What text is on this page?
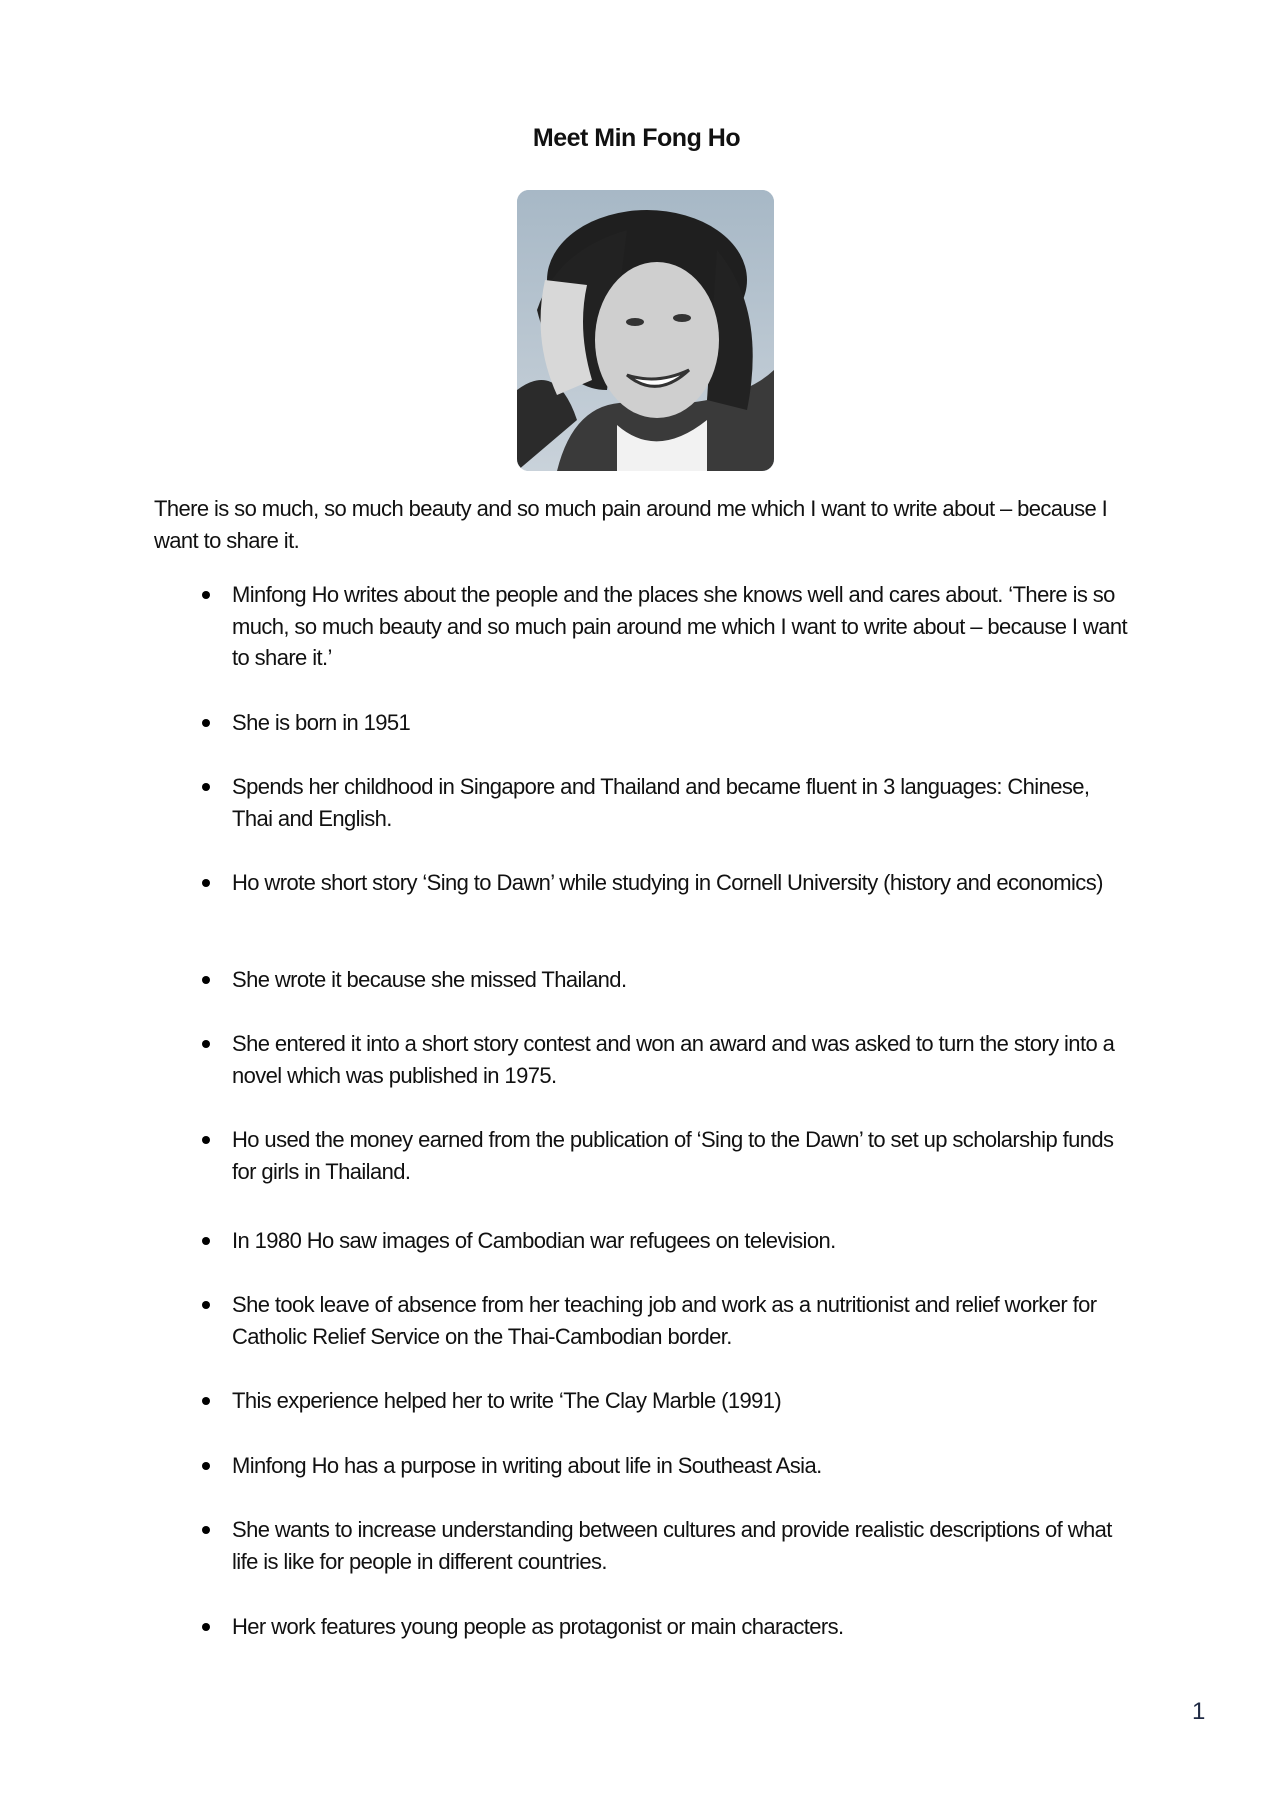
Meet Min Fong Ho
There is so much, so much beauty and so much pain around me which I want to write about – because I want to share it.
Minfong Ho writes about the people and the places she knows well and cares about. ‘There is so much, so much beauty and so much pain around me which I want to write about – because I want to share it.’
She is born in 1951
Spends her childhood in Singapore and Thailand and became fluent in 3 languages: Chinese, Thai and English.
Ho wrote short story ‘Sing to Dawn’ while studying in Cornell University (history and economics)
She wrote it because she missed Thailand.
She entered it into a short story contest and won an award and was asked to turn the story into a novel which was published in 1975.
Ho used the money earned from the publication of ‘Sing to the Dawn’ to set up scholarship funds for girls in Thailand.
In 1980 Ho saw images of Cambodian war refugees on television.
She took leave of absence from her teaching job and work as a nutritionist and relief worker for Catholic Relief Service on the Thai-Cambodian border.
This experience helped her to write ‘The Clay Marble (1991)
Minfong Ho has a purpose in writing about life in Southeast Asia.
She wants to increase understanding between cultures and provide realistic descriptions of what life is like for people in different countries.
Her work features young people as protagonist or main characters.
1
